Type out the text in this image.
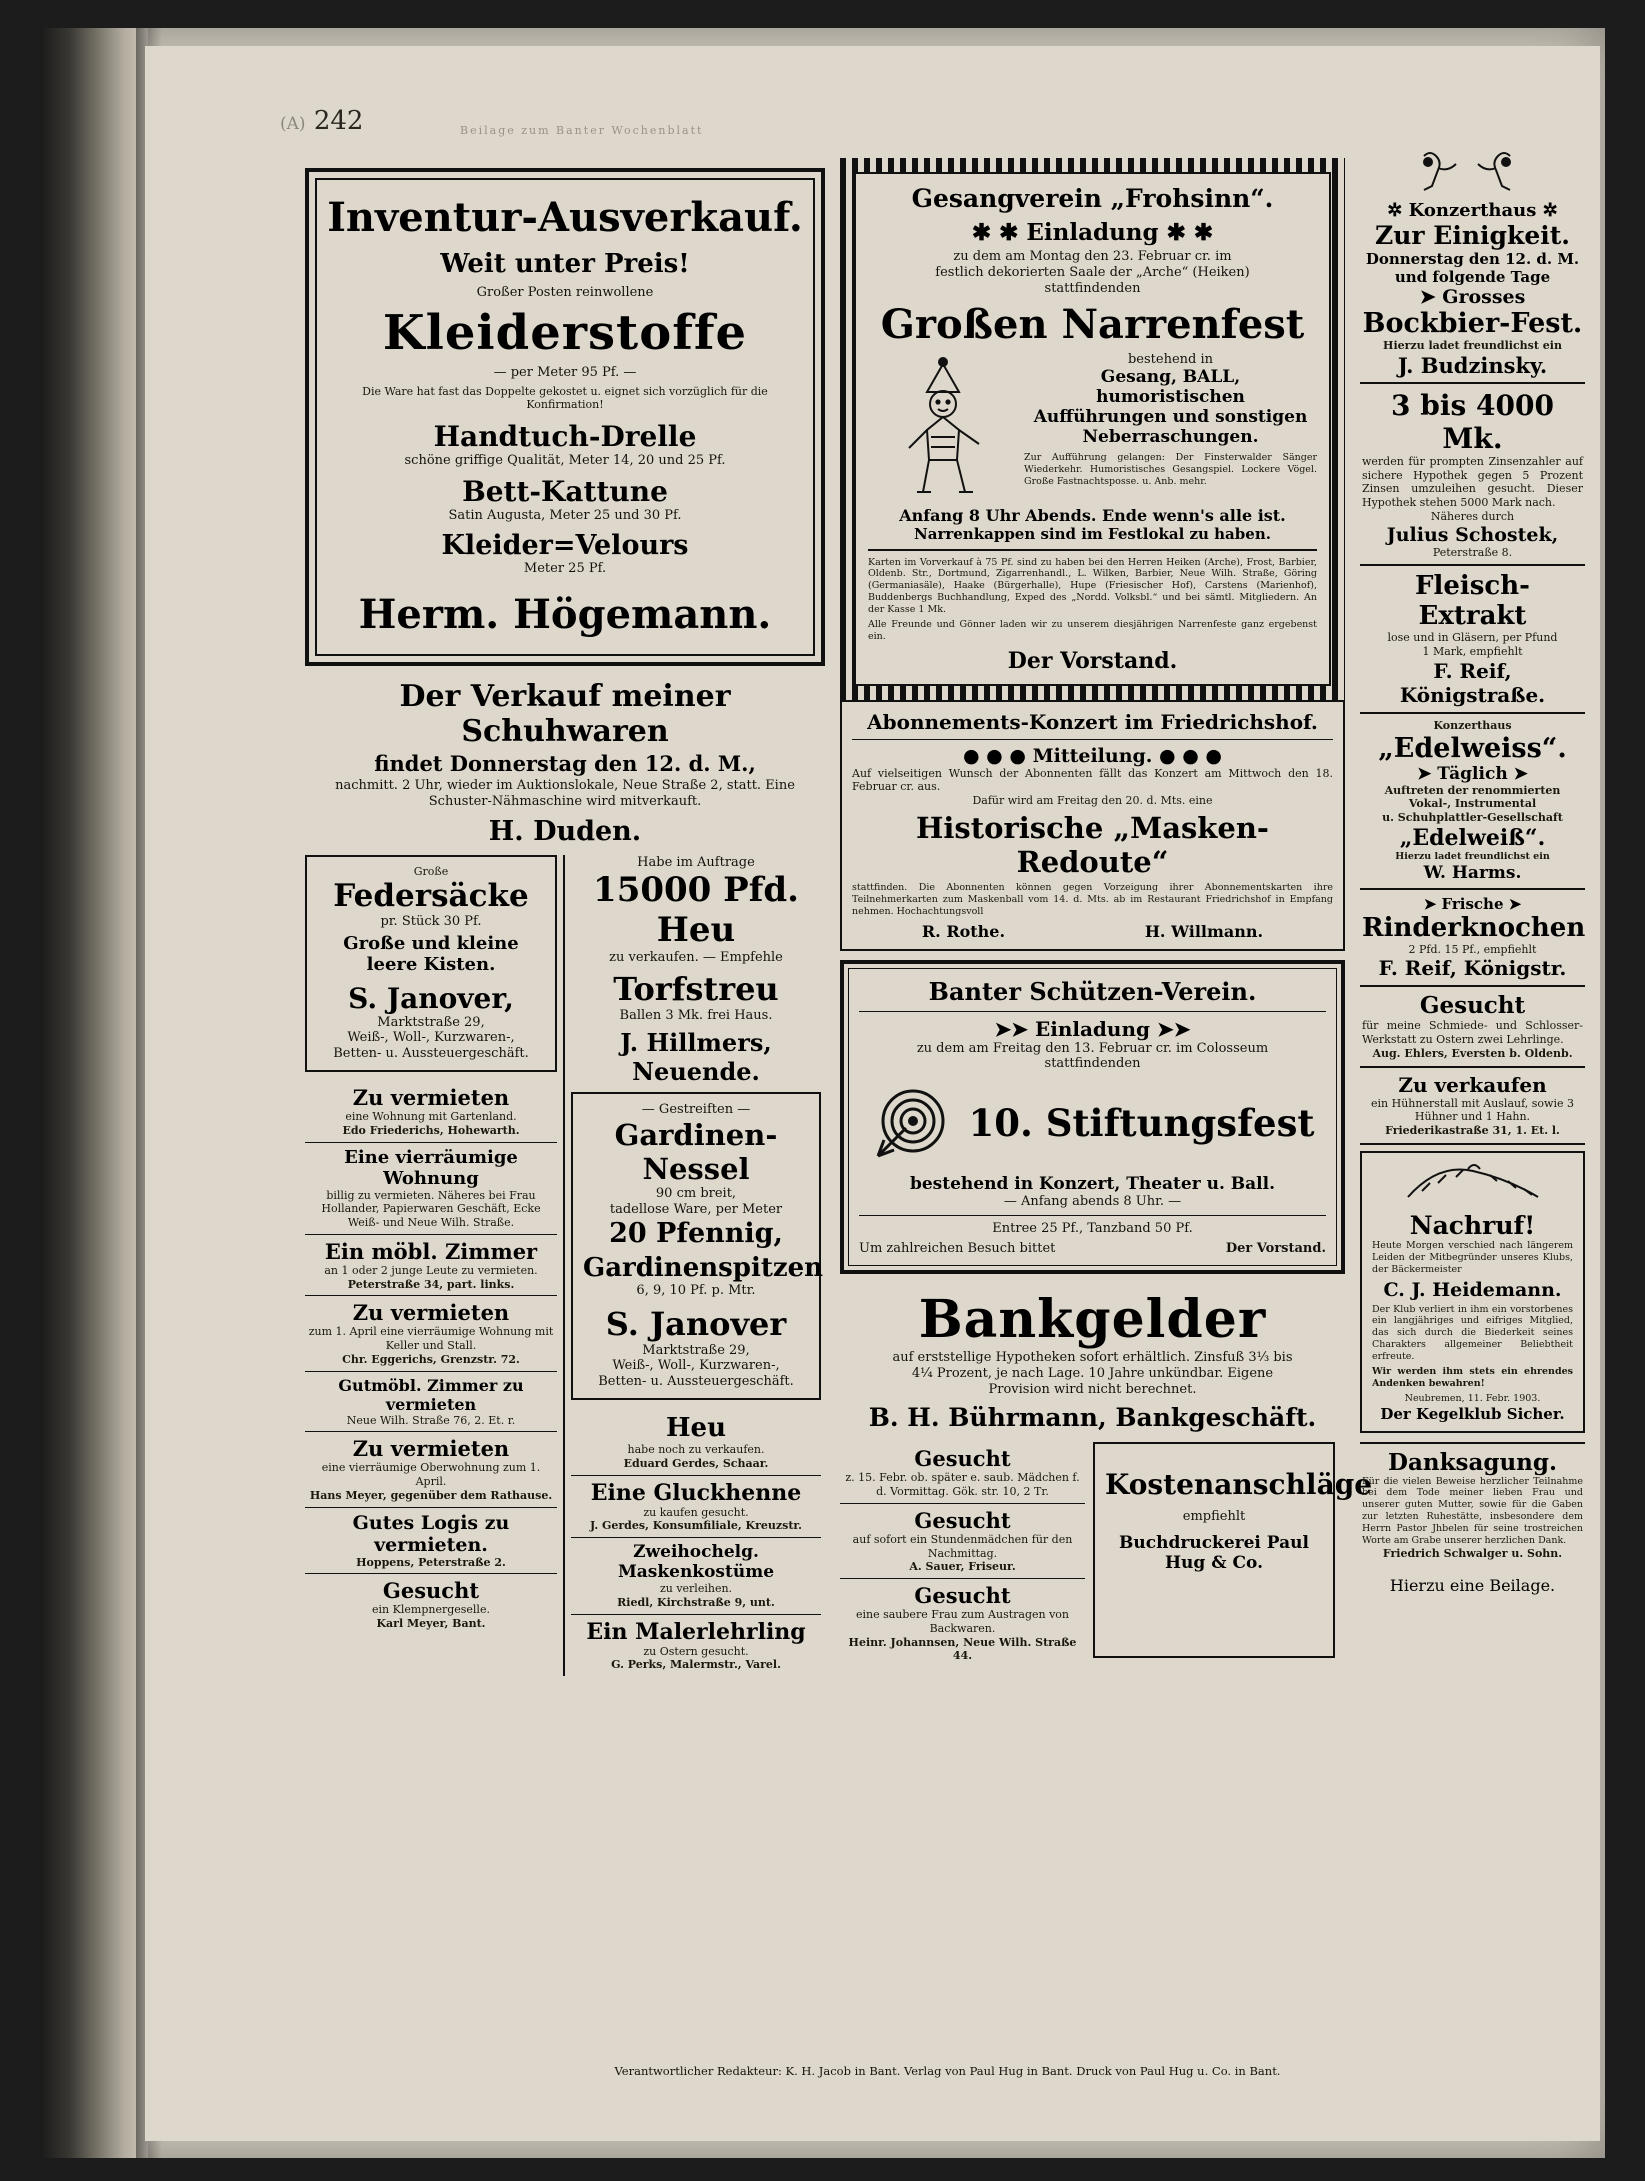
(A) 242	Beilage zum Banter Wochenblatt
Inventur-Ausverkauf.
Weit unter Preis!
Großer Posten reinwollene
Kleiderstoffe
— per Meter 95 Pf. —
Die Ware hat fast das Doppelte gekostet u. eignet sich vorzüglich für die Konfirmation!
Handtuch-Drelle
schöne griffige Qualität, Meter 14, 20 und 25 Pf.
Bett-Kattune
Satin Augusta, Meter 25 und 30 Pf.
Kleider=Velours
Meter 25 Pf.
Herm. Högemann.
Der Verkauf meiner Schuhwaren
findet Donnerstag den 12. d. M.,
nachmitt. 2 Uhr, wieder im Auktionslokale, Neue Straße 2, statt. Eine Schuster-Nähmaschine wird mitverkauft.
H. Duden.
Große
Federsäcke
pr. Stück 30 Pf.
Große und kleine leere Kisten.
S. Janover,
Marktstraße 29,
Weiß-, Woll-, Kurzwaren-,
Betten- u. Aussteuergeschäft.
Zu vermieten
eine Wohnung mit Gartenland.
Edo Friederichs, Hohewarth.
Eine vierräumige Wohnung
billig zu vermieten. Näheres bei Frau Hollander, Papierwaren Geschäft, Ecke Weiß- und Neue Wilh. Straße.
Ein möbl. Zimmer
an 1 oder 2 junge Leute zu vermieten.
Peterstraße 34, part. links.
Zu vermieten
zum 1. April eine vierräumige Wohnung mit Keller und Stall.
Chr. Eggerichs, Grenzstr. 72.
Gutmöbl. Zimmer zu vermieten
Neue Wilh. Straße 76, 2. Et. r.
Zu vermieten
eine vierräumige Oberwohnung zum 1. April.
Hans Meyer, gegenüber dem Rathause.
Gutes Logis zu vermieten.
Hoppens, Peterstraße 2.
Gesucht
ein Klempnergeselle.
Karl Meyer, Bant.
Habe im Auftrage
15000 Pfd. Heu
zu verkaufen. — Empfehle
Torfstreu
Ballen 3 Mk. frei Haus.
J. Hillmers, Neuende.
— Gestreiften —
Gardinen-Nessel
90 cm breit,
tadellose Ware, per Meter
20 Pfennig,
Gardinenspitzen
6, 9, 10 Pf. p. Mtr.
S. Janover
Marktstraße 29,
Weiß-, Woll-, Kurzwaren-,
Betten- u. Aussteuergeschäft.
Heu
habe noch zu verkaufen.
Eduard Gerdes, Schaar.
Eine Gluckhenne
zu kaufen gesucht.
J. Gerdes, Konsumfiliale, Kreuzstr.
Zweihochelg. Maskenkostüme
zu verleihen.
Riedl, Kirchstraße 9, unt.
Ein Malerlehrling
zu Ostern gesucht.
G. Perks, Malermstr., Varel.
Gesangverein „Frohsinn“.
✱ ✱ Einladung ✱ ✱
zu dem am Montag den 23. Februar cr. im
festlich dekorierten Saale der „Arche“ (Heiken)
stattfindenden
Großen Narrenfest
bestehend in
Gesang, BALL, humoristischen
Aufführungen und sonstigen
Neberraschungen.
Zur Aufführung gelangen: Der Finsterwalder Sänger Wiederkehr. Humoristisches Gesangspiel. Lockere Vögel. Große Fastnachtsposse. u. Anb. mehr.
Anfang 8 Uhr Abends. Ende wenn's alle ist.
Narrenkappen sind im Festlokal zu haben.
Karten im Vorverkauf à 75 Pf. sind zu haben bei den Herren Heiken (Arche), Frost, Barbier, Oldenb. Str., Dortmund, Zigarrenhandl., L. Wilken, Barbier, Neue Wilh. Straße, Göring (Germaniasäle), Haake (Bürgerhalle), Hupe (Friesischer Hof), Carstens (Marienhof), Buddenbergs Buchhandlung, Exped des „Nordd. Volksbl.“ und bei sämtl. Mitgliedern. An der Kasse 1 Mk.
Alle Freunde und Gönner laden wir zu unserem diesjährigen Narrenfeste ganz ergebenst ein.
Der Vorstand.
Abonnements-Konzert im Friedrichshof.
● ● ● Mitteilung. ● ● ●
Auf vielseitigen Wunsch der Abonnenten fällt das Konzert am Mittwoch den 18. Februar cr. aus.
Dafür wird am Freitag den 20. d. Mts. eine
Historische „Masken-Redoute“
stattfinden. Die Abonnenten können gegen Vorzeigung ihrer Abonnementskarten ihre Teilnehmerkarten zum Maskenball vom 14. d. Mts. ab im Restaurant Friedrichshof in Empfang nehmen. Hochachtungsvoll
R. Rothe.	H. Willmann.
Banter Schützen-Verein.
➤➤ Einladung ➤➤
zu dem am Freitag den 13. Februar cr. im Colosseum
stattfindenden
10. Stiftungsfest
bestehend in Konzert, Theater u. Ball.
— Anfang abends 8 Uhr. —
Entree 25 Pf., Tanzband 50 Pf.
Um zahlreichen Besuch bittet	Der Vorstand.
Bankgelder
auf erststellige Hypotheken sofort erhältlich. Zinsfuß 3¹⁄₃ bis
4¹⁄₄ Prozent, je nach Lage. 10 Jahre unkündbar. Eigene
Provision wird nicht berechnet.
B. H. Bührmann, Bankgeschäft.
Gesucht
z. 15. Febr. ob. später e. saub. Mädchen f. d. Vormittag. Gök. str. 10, 2 Tr.
Gesucht
auf sofort ein Stundenmädchen für den Nachmittag.
A. Sauer, Friseur.
Gesucht
eine saubere Frau zum Austragen von Backwaren.
Heinr. Johannsen, Neue Wilh. Straße 44.
Kostenanschläge
empfiehlt
Buchdruckerei Paul Hug & Co.
✲ Konzerthaus ✲
Zur Einigkeit.
Donnerstag den 12. d. M.
und folgende Tage
➤ Grosses
Bockbier-Fest.
Hierzu ladet freundlichst ein
J. Budzinsky.
3 bis 4000 Mk.
werden für prompten Zinsenzahler auf sichere Hypothek gegen 5 Prozent Zinsen umzuleihen gesucht. Dieser Hypothek stehen 5000 Mark nach.
Näheres durch
Julius Schostek,
Peterstraße 8.
Fleisch-Extrakt
lose und in Gläsern, per Pfund
1 Mark, empfiehlt
F. Reif, Königstraße.
Konzerthaus
„Edelweiss“.
➤ Täglich ➤
Auftreten der renommierten
Vokal-, Instrumental
u. Schuhplattler-Gesellschaft
„Edelweiß“.
Hierzu ladet freundlichst ein
W. Harms.
➤ Frische ➤
Rinderknochen
2 Pfd. 15 Pf., empfiehlt
F. Reif, Königstr.
Gesucht
für meine Schmiede- und Schlosser-Werkstatt zu Ostern zwei Lehrlinge.
Aug. Ehlers, Eversten b. Oldenb.
Zu verkaufen
ein Hühnerstall mit Auslauf, sowie 3 Hühner und 1 Hahn.
Friederikastraße 31, 1. Et. l.
Nachruf!
Heute Morgen verschied nach längerem Leiden der Mitbegründer unseres Klubs, der Bäckermeister
C. J. Heidemann.
Der Klub verliert in ihm ein vorstorbenes ein langjähriges und eifriges Mitglied, das sich durch die Biederkeit seines Charakters allgemeiner Beliebtheit erfreute.
Wir werden ihm stets ein ehrendes Andenken bewahren!
Neubremen, 11. Febr. 1903.
Der Kegelklub Sicher.
Danksagung.
Für die vielen Beweise herzlicher Teilnahme bei dem Tode meiner lieben Frau und unserer guten Mutter, sowie für die Gaben zur letzten Ruhestätte, insbesondere dem Herrn Pastor Jhbelen für seine trostreichen Worte am Grabe unserer herzlichen Dank.
Friedrich Schwalger u. Sohn.
Hierzu eine Beilage.
Verantwortlicher Redakteur: K. H. Jacob in Bant. Verlag von Paul Hug in Bant. Druck von Paul Hug u. Co. in Bant.
